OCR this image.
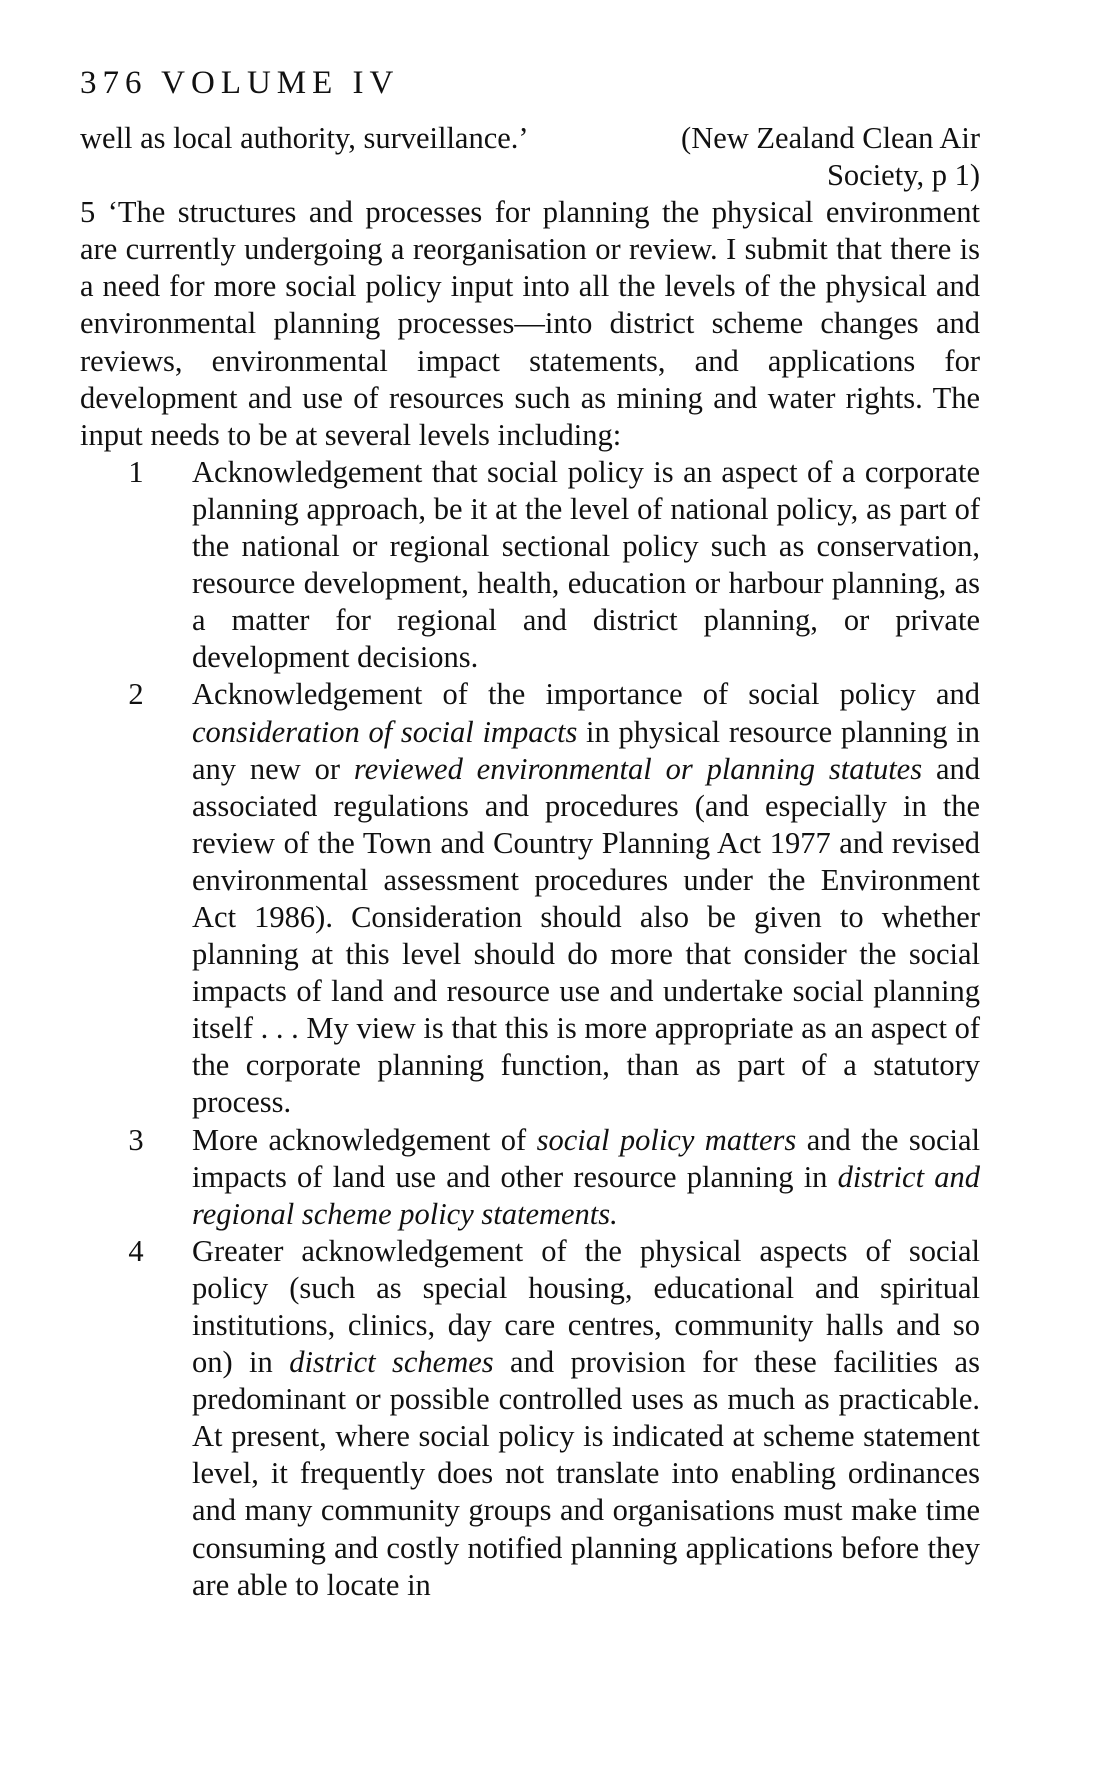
376 VOLUME IV
well as local authority, surveillance.’	(New Zealand Clean Air
Society, p 1)

5 ‘The structures and processes for planning the physical environment are currently undergoing a reorganisation or review. I submit that there is a need for more social policy input into all the levels of the physical and environmental planning processes—into district scheme changes and reviews, environmental impact statements, and applications for development and use of resources such as mining and water rights. The input needs to be at several levels including:

1	Acknowledgement that social policy is an aspect of a corporate planning approach, be it at the level of national policy, as part of the national or regional sectional policy such as conservation, resource development, health, education or harbour planning, as a matter for regional and district planning, or private development decisions.
2	Acknowledgement of the importance of social policy and consideration of social impacts in physical resource planning in any new or reviewed environmental or planning statutes and associated regulations and procedures (and especially in the review of the Town and Country Planning Act 1977 and revised environmental assessment procedures under the Environment Act 1986). Consideration should also be given to whether planning at this level should do more that consider the social impacts of land and resource use and undertake social planning itself . . . My view is that this is more appropriate as an aspect of the corporate planning function, than as part of a statutory process.
3	More acknowledgement of social policy matters and the social impacts of land use and other resource planning in district and regional scheme policy statements.
4	Greater acknowledgement of the physical aspects of social policy (such as special housing, educational and spiritual institutions, clinics, day care centres, community halls and so on) in district schemes and provision for these facilities as predominant or possible controlled uses as much as practicable. At present, where social policy is indicated at scheme statement level, it frequently does not translate into enabling ordinances and many community groups and organisations must make time consuming and costly notified planning applications before they are able to locate in
